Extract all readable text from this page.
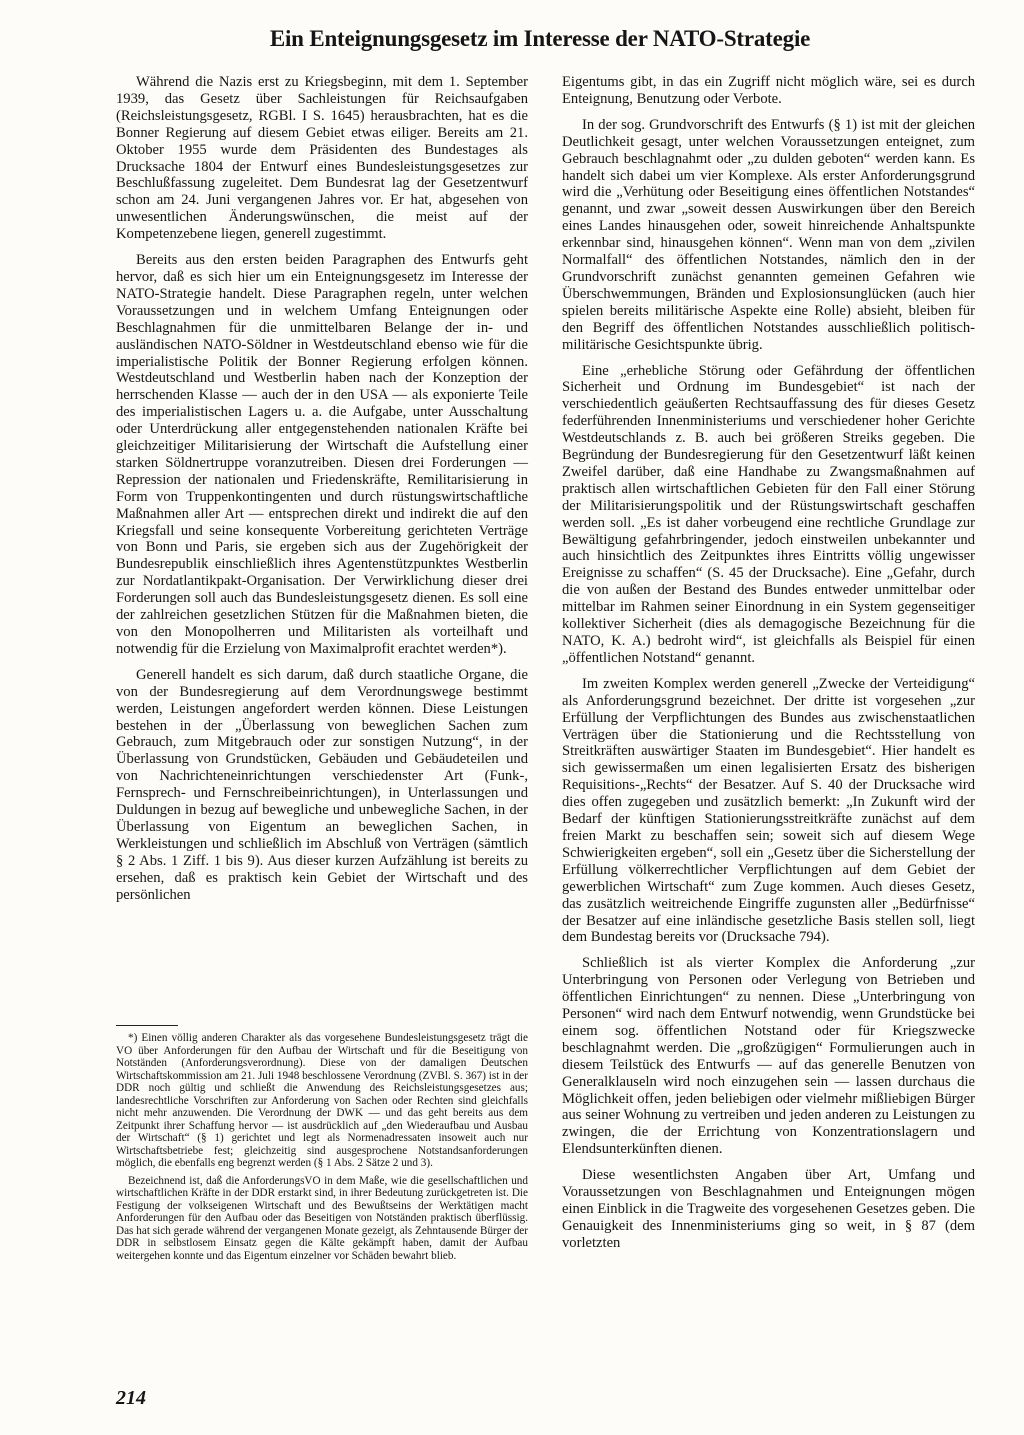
Ein Enteignungsgesetz im Interesse der NATO-Strategie

Während die Nazis erst zu Kriegsbeginn, mit dem 1. September 1939, das Gesetz über Sachleistungen für Reichsaufgaben (Reichsleistungsgesetz, RGBl. I S. 1645) herausbrachten, hat es die Bonner Regierung auf diesem Gebiet etwas eiliger. Bereits am 21. Oktober 1955 wurde dem Präsidenten des Bundestages als Drucksache 1804 der Entwurf eines Bundesleistungsgesetzes zur Beschlußfassung zugeleitet. Dem Bundesrat lag der Gesetzentwurf schon am 24. Juni vergangenen Jahres vor. Er hat, abgesehen von unwesentlichen Änderungswünschen, die meist auf der Kompetenzebene liegen, generell zugestimmt.

Bereits aus den ersten beiden Paragraphen des Entwurfs geht hervor, daß es sich hier um ein Enteignungsgesetz im Interesse der NATO-Strategie handelt. Diese Paragraphen regeln, unter welchen Voraussetzungen und in welchem Umfang Enteignungen oder Beschlagnahmen für die unmittelbaren Belange der in- und ausländischen NATO-Söldner in Westdeutschland ebenso wie für die imperialistische Politik der Bonner Regierung erfolgen können. Westdeutschland und Westberlin haben nach der Konzeption der herrschenden Klasse — auch der in den USA — als exponierte Teile des imperialistischen Lagers u. a. die Aufgabe, unter Ausschaltung oder Unterdrückung aller entgegenstehenden nationalen Kräfte bei gleichzeitiger Militarisierung der Wirtschaft die Aufstellung einer starken Söldnertruppe voranzutreiben. Diesen drei Forderungen — Repression der nationalen und Friedenskräfte, Remilitarisierung in Form von Truppenkontingenten und durch rüstungswirtschaftliche Maßnahmen aller Art — entsprechen direkt und indirekt die auf den Kriegsfall und seine konsequente Vorbereitung gerichteten Verträge von Bonn und Paris, sie ergeben sich aus der Zugehörigkeit der Bundesrepublik einschließlich ihres Agentenstützpunktes Westberlin zur Nordatlantikpakt-Organisation. Der Verwirklichung dieser drei Forderungen soll auch das Bundesleistungsgesetz dienen. Es soll eine der zahlreichen gesetzlichen Stützen für die Maßnahmen bieten, die von den Monopolherren und Militaristen als vorteilhaft und notwendig für die Erzielung von Maximalprofit erachtet werden*).

Generell handelt es sich darum, daß durch staatliche Organe, die von der Bundesregierung auf dem Verordnungswege bestimmt werden, Leistungen angefordert werden können. Diese Leistungen bestehen in der „Überlassung von beweglichen Sachen zum Gebrauch, zum Mitgebrauch oder zur sonstigen Nutzung“, in der Überlassung von Grundstücken, Gebäuden und Gebäudeteilen und von Nachrichteneinrichtungen verschiedenster Art (Funk-, Fernsprech- und Fernschreibeinrichtungen), in Unterlassungen und Duldungen in bezug auf bewegliche und unbewegliche Sachen, in der Überlassung von Eigentum an beweglichen Sachen, in Werkleistungen und schließlich im Abschluß von Verträgen (sämtlich § 2 Abs. 1 Ziff. 1 bis 9). Aus dieser kurzen Aufzählung ist bereits zu ersehen, daß es praktisch kein Gebiet der Wirtschaft und des persönlichen

*) Einen völlig anderen Charakter als das vorgesehene Bundesleistungsgesetz trägt die VO über Anforderungen für den Aufbau der Wirtschaft und für die Beseitigung von Notständen (Anforderungsverordnung). Diese von der damaligen Deutschen Wirtschaftskommission am 21. Juli 1948 beschlossene Verordnung (ZVBl. S. 367) ist in der DDR noch gültig und schließt die Anwendung des Reichsleistungsgesetzes aus; landesrechtliche Vorschriften zur Anforderung von Sachen oder Rechten sind gleichfalls nicht mehr anzuwenden. Die Verordnung der DWK — und das geht bereits aus dem Zeitpunkt ihrer Schaffung hervor — ist ausdrücklich auf „den Wiederaufbau und Ausbau der Wirtschaft“ (§ 1) gerichtet und legt als Normenadressaten insoweit auch nur Wirtschaftsbetriebe fest; gleichzeitig sind ausgesprochene Notstandsanforderungen möglich, die ebenfalls eng begrenzt werden (§ 1 Abs. 2 Sätze 2 und 3).

Bezeichnend ist, daß die AnforderungsVO in dem Maße, wie die gesellschaftlichen und wirtschaftlichen Kräfte in der DDR erstarkt sind, in ihrer Bedeutung zurückgetreten ist. Die Festigung der volkseigenen Wirtschaft und des Bewußtseins der Werktätigen macht Anforderungen für den Aufbau oder das Beseitigen von Notständen praktisch überflüssig. Das hat sich gerade während der vergangenen Monate gezeigt, als Zehntausende Bürger der DDR in selbstlosem Einsatz gegen die Kälte gekämpft haben, damit der Aufbau weitergehen konnte und das Eigentum einzelner vor Schäden bewahrt blieb.

Eigentums gibt, in das ein Zugriff nicht möglich wäre, sei es durch Enteignung, Benutzung oder Verbote.

In der sog. Grundvorschrift des Entwurfs (§ 1) ist mit der gleichen Deutlichkeit gesagt, unter welchen Voraussetzungen enteignet, zum Gebrauch beschlagnahmt oder „zu dulden geboten“ werden kann. Es handelt sich dabei um vier Komplexe. Als erster Anforderungsgrund wird die „Verhütung oder Beseitigung eines öffentlichen Notstandes“ genannt, und zwar „soweit dessen Auswirkungen über den Bereich eines Landes hinausgehen oder, soweit hinreichende Anhaltspunkte erkennbar sind, hinausgehen können“. Wenn man von dem „zivilen Normalfall“ des öffentlichen Notstandes, nämlich den in der Grundvorschrift zunächst genannten gemeinen Gefahren wie Überschwemmungen, Bränden und Explosionsunglücken (auch hier spielen bereits militärische Aspekte eine Rolle) absieht, bleiben für den Begriff des öffentlichen Notstandes ausschließlich politisch-militärische Gesichtspunkte übrig.

Eine „erhebliche Störung oder Gefährdung der öffentlichen Sicherheit und Ordnung im Bundesgebiet“ ist nach der verschiedentlich geäußerten Rechtsauffassung des für dieses Gesetz federführenden Innenministeriums und verschiedener hoher Gerichte Westdeutschlands z. B. auch bei größeren Streiks gegeben. Die Begründung der Bundesregierung für den Gesetzentwurf läßt keinen Zweifel darüber, daß eine Handhabe zu Zwangsmaßnahmen auf praktisch allen wirtschaftlichen Gebieten für den Fall einer Störung der Militarisierungspolitik und der Rüstungswirtschaft geschaffen werden soll. „Es ist daher vorbeugend eine rechtliche Grundlage zur Bewältigung gefahrbringender, jedoch einstweilen unbekannter und auch hinsichtlich des Zeitpunktes ihres Eintritts völlig ungewisser Ereignisse zu schaffen“ (S. 45 der Drucksache). Eine „Gefahr, durch die von außen der Bestand des Bundes entweder unmittelbar oder mittelbar im Rahmen seiner Einordnung in ein System gegenseitiger kollektiver Sicherheit (dies als demagogische Bezeichnung für die NATO, K. A.) bedroht wird“, ist gleichfalls als Beispiel für einen „öffentlichen Notstand“ genannt.

Im zweiten Komplex werden generell „Zwecke der Verteidigung“ als Anforderungsgrund bezeichnet. Der dritte ist vorgesehen „zur Erfüllung der Verpflichtungen des Bundes aus zwischenstaatlichen Verträgen über die Stationierung und die Rechtsstellung von Streitkräften auswärtiger Staaten im Bundesgebiet“. Hier handelt es sich gewissermaßen um einen legalisierten Ersatz des bisherigen Requisitions-„Rechts“ der Besatzer. Auf S. 40 der Drucksache wird dies offen zugegeben und zusätzlich bemerkt: „In Zukunft wird der Bedarf der künftigen Stationierungsstreitkräfte zunächst auf dem freien Markt zu beschaffen sein; soweit sich auf diesem Wege Schwierigkeiten ergeben“, soll ein „Gesetz über die Sicherstellung der Erfüllung völkerrechtlicher Verpflichtungen auf dem Gebiet der gewerblichen Wirtschaft“ zum Zuge kommen. Auch dieses Gesetz, das zusätzlich weitreichende Eingriffe zugunsten aller „Bedürfnisse“ der Besatzer auf eine inländische gesetzliche Basis stellen soll, liegt dem Bundestag bereits vor (Drucksache 794).

Schließlich ist als vierter Komplex die Anforderung „zur Unterbringung von Personen oder Verlegung von Betrieben und öffentlichen Einrichtungen“ zu nennen. Diese „Unterbringung von Personen“ wird nach dem Entwurf notwendig, wenn Grundstücke bei einem sog. öffentlichen Notstand oder für Kriegszwecke beschlagnahmt werden. Die „großzügigen“ Formulierungen auch in diesem Teilstück des Entwurfs — auf das generelle Benutzen von Generalklauseln wird noch einzugehen sein — lassen durchaus die Möglichkeit offen, jeden beliebigen oder vielmehr mißliebigen Bürger aus seiner Wohnung zu vertreiben und jeden anderen zu Leistungen zu zwingen, die der Errichtung von Konzentrationslagern und Elendsunterkünften dienen.

Diese wesentlichsten Angaben über Art, Umfang und Voraussetzungen von Beschlagnahmen und Enteignungen mögen einen Einblick in die Tragweite des vorgesehenen Gesetzes geben. Die Genauigkeit des Innenministeriums ging so weit, in § 87 (dem vorletzten

214
